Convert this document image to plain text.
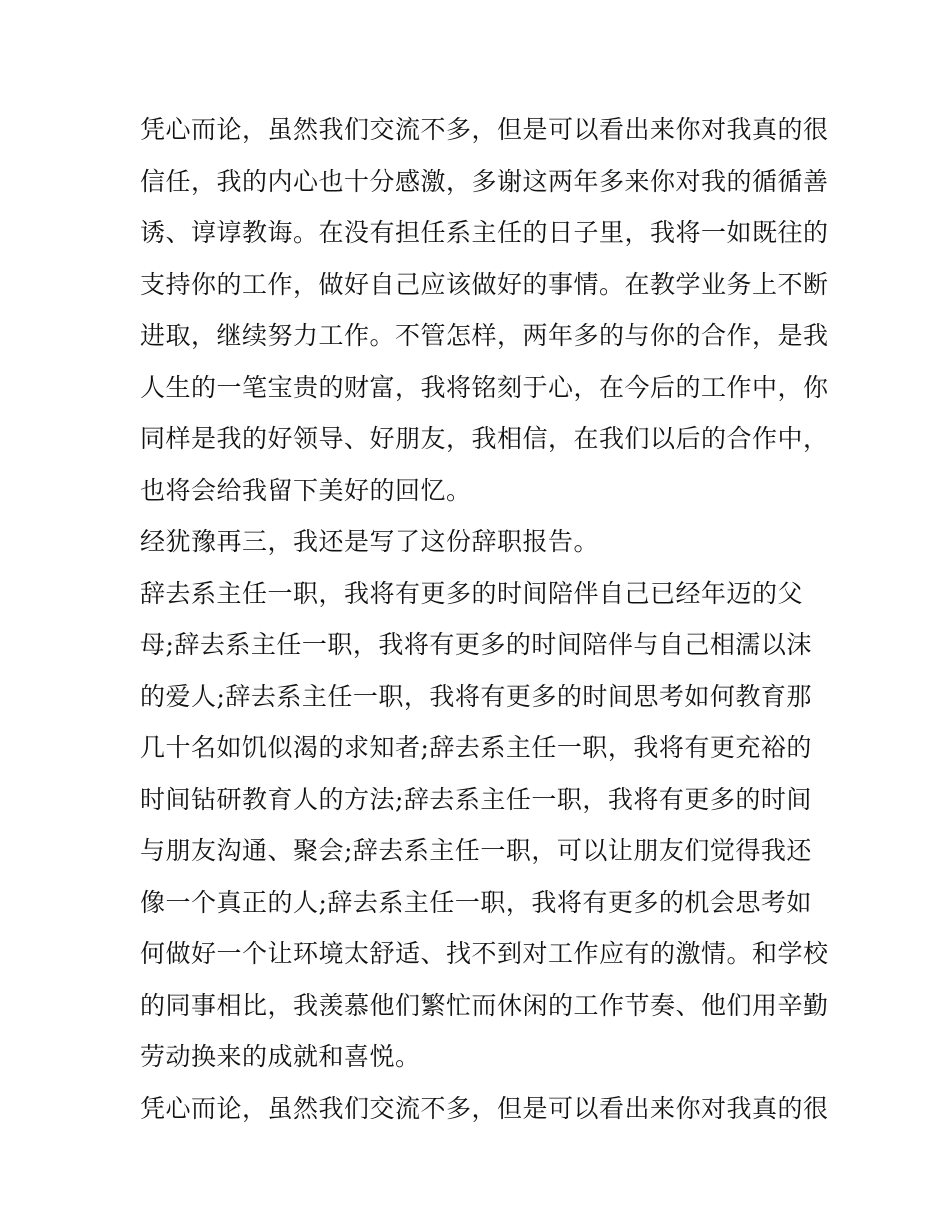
凭心而论，虽然我们交流不多，但是可以看出来你对我真的很
信任，我的内心也十分感激，多谢这两年多来你对我的循循善
诱、谆谆教诲。在没有担任系主任的日子里，我将一如既往的
支持你的工作，做好自己应该做好的事情。在教学业务上不断
进取，继续努力工作。不管怎样，两年多的与你的合作，是我
人生的一笔宝贵的财富，我将铭刻于心，在今后的工作中，你
同样是我的好领导、好朋友，我相信，在我们以后的合作中，
也将会给我留下美好的回忆。
经犹豫再三，我还是写了这份辞职报告。
辞去系主任一职，我将有更多的时间陪伴自己已经年迈的父
母;辞去系主任一职，我将有更多的时间陪伴与自己相濡以沫
的爱人;辞去系主任一职，我将有更多的时间思考如何教育那
几十名如饥似渴的求知者;辞去系主任一职，我将有更充裕的
时间钻研教育人的方法;辞去系主任一职，我将有更多的时间
与朋友沟通、聚会;辞去系主任一职，可以让朋友们觉得我还
像一个真正的人;辞去系主任一职，我将有更多的机会思考如
何做好一个让环境太舒适、找不到对工作应有的激情。和学校
的同事相比，我羡慕他们繁忙而休闲的工作节奏、他们用辛勤
劳动换来的成就和喜悦。
凭心而论，虽然我们交流不多，但是可以看出来你对我真的很
